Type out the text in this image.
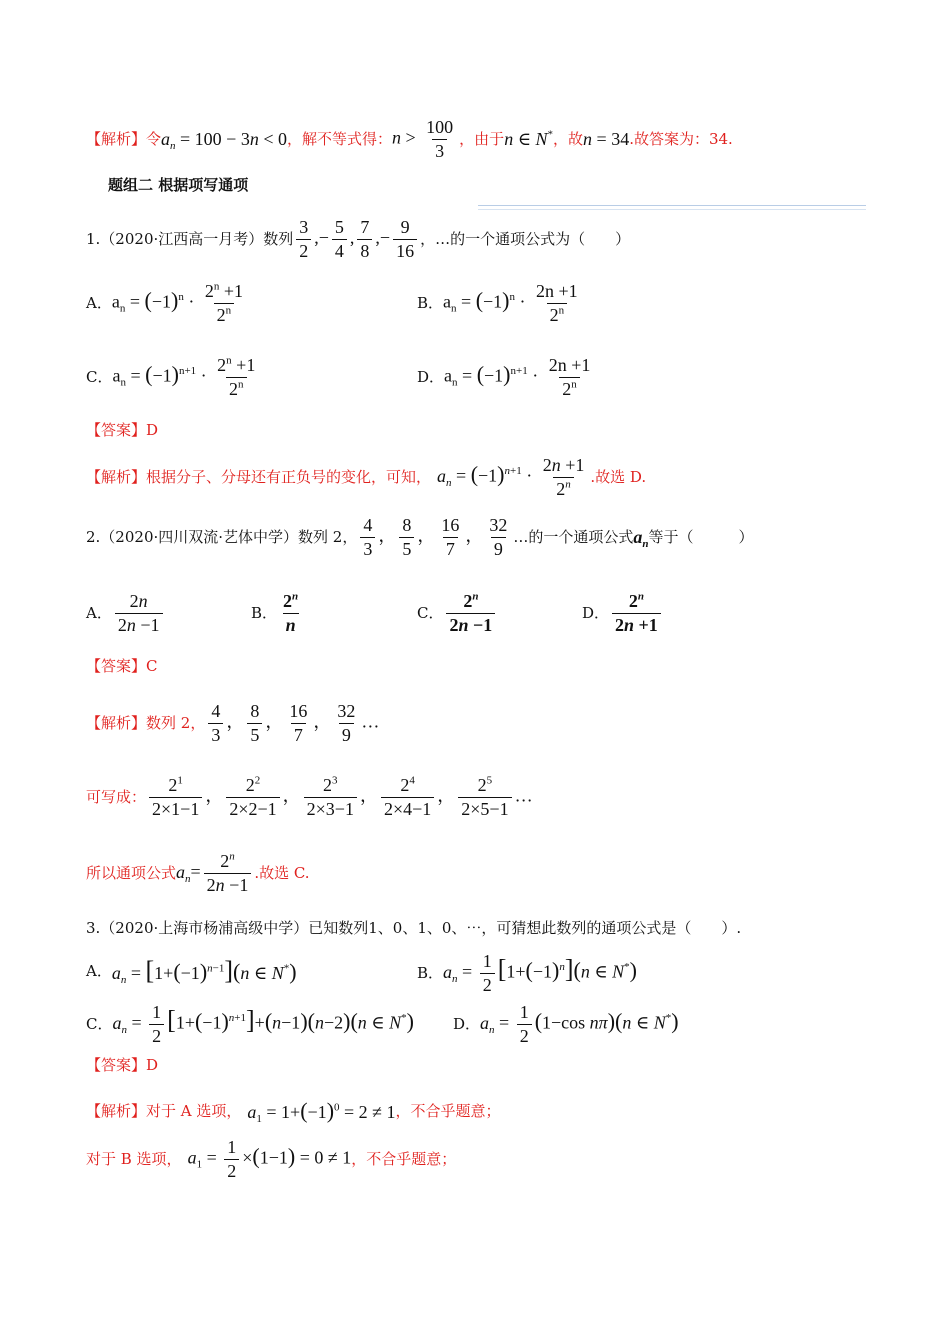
【解析】 令 $a_n = 100 - 3n < 0$ ，解不等式得： $n > \frac{100}{3}$ ，由于 n ∈ N* ，故 n = 34 .故答案为：34.
题组二 根据项写通项
1.（2020·江西高一月考）数列 $\frac{3}{2}$ ,− $\frac{5}{4}$ , $\frac{7}{8}$ ,− $\frac{9}{16}$ ，…的一个通项公式为（　　）
A． $a_n = (-1)^n \cdot \frac{2^n +1}{2^n}$	B． $a_n = (-1)^n \cdot \frac{2n +1}{2^n}$
C． $a_n = (-1)^{n+1} \cdot \frac{2^n +1}{2^n}$	D． $a_n = (-1)^{n+1} \cdot \frac{2n +1}{2^n}$
【答案】 D
【解析】 根据分子、分母还有正负号的变化，可知， $a_n = (-1)^{n+1} \cdot \frac{2n +1}{2^n}$ .故选 D.
2.（2020·四川双流·艺体中学）数列 2， $\frac{4}{3}$ ， $\frac{8}{5}$ ， $\frac{16}{7}$ ， $\frac{32}{9}$ …的一个通项公式 $a_n$ 等于（　　　）
A． $\frac{2n}{2n -1}$	B． $\frac{2^n}{n}$	C． $\frac{2^n}{2n -1}$	D． $\frac{2^n}{2n +1}$
【答案】 C
【解析】 数列 2， $\frac{4}{3}$ ， $\frac{8}{5}$ ， $\frac{16}{7}$ ， $\frac{32}{9}$ …
可写成： $\frac{2^1}{2\times 1-1}$ ， $\frac{2^2}{2\times 2-1}$ ， $\frac{2^3}{2\times 3-1}$ ， $\frac{2^4}{2\times 4-1}$ ， $\frac{2^5}{2\times 5-1}$ …
所以通项公式 $a_n= \frac{2^n}{2n -1}$ .故选 C.
3.（2020·上海市杨浦高级中学）已知数列1、0、1、0、⋯，可猜想此数列的通项公式是（　　）.
A． $a_n = [1+(-1)^{n-1}](n$ ∈ N*)	B． $a_n = \frac{1}{2} [1+(-1)^n](n$ ∈ N*)
C． $a_n = \frac{1}{2} [1+(-1)^{n+1}]+(n-1)(n-2)(n$ ∈ N*)	D． $a_n = \frac{1}{2} (1-\cos$ nπ)(n ∈ N*)
【答案】 D
【解析】 对于 A 选项， $a_1 = 1+(-1)^0 = 2 \ne 1$ ，不合乎题意；
对于 B 选项， $a_1 = \frac{1}{2} \times(1-1) = 0 \ne 1$ ，不合乎题意；
